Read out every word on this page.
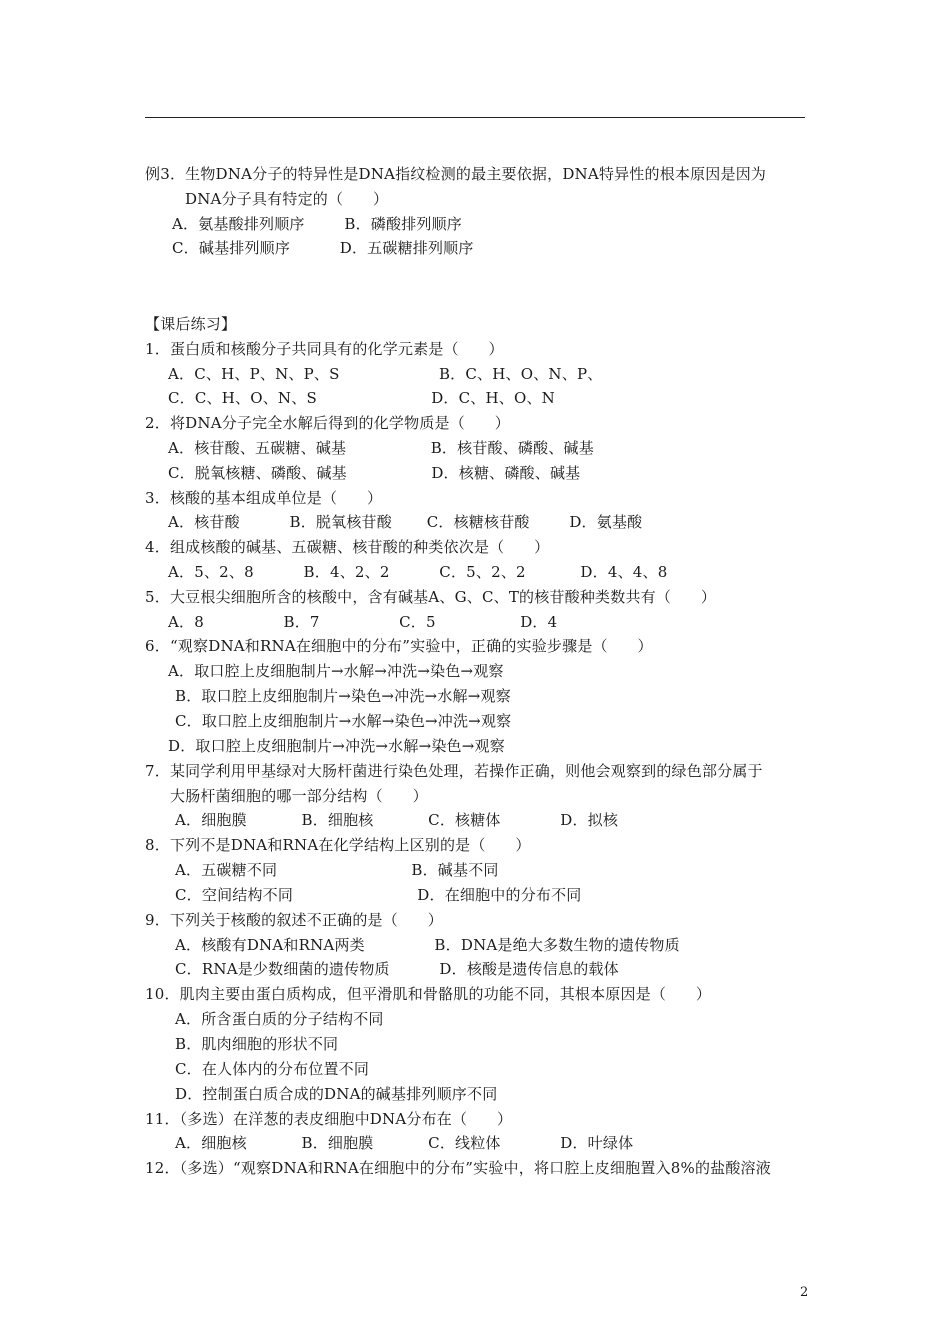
例3．生物DNA分子的特异性是DNA指纹检测的最主要依据，DNA特异性的根本原因是因为
DNA分子具有特定的（      ）
A．氨基酸排列顺序        B．磷酸排列顺序
C．碱基排列顺序          D．五碳糖排列顺序
【课后练习】
1．蛋白质和核酸分子共同具有的化学元素是（      ）
A．C、H、P、N、P、S                    B．C、H、O、N、P、
C．C、H、O、N、S                       D．C、H、O、N
2．将DNA分子完全水解后得到的化学物质是（      ）
A．核苷酸、五碳糖、碱基                 B．核苷酸、磷酸、碱基
C．脱氧核糖、磷酸、碱基                 D．核糖、磷酸、碱基
3．核酸的基本组成单位是（      ）
A．核苷酸          B．脱氧核苷酸       C．核糖核苷酸        D．氨基酸
4．组成核酸的碱基、五碳糖、核苷酸的种类依次是（      ）
A．5、2、8          B．4、2、2          C．5、2、2           D．4、4、8
5．大豆根尖细胞所含的核酸中，含有碱基A、G、C、T的核苷酸种类数共有（      ）
A．8                B．7                C．5                 D．4
6．“观察DNA和RNA在细胞中的分布”实验中，正确的实验步骤是（      ）
A．取口腔上皮细胞制片→水解→冲洗→染色→观察
B．取口腔上皮细胞制片→染色→冲洗→水解→观察
C．取口腔上皮细胞制片→水解→染色→冲洗→观察
D．取口腔上皮细胞制片→冲洗→水解→染色→观察
7．某同学利用甲基绿对大肠杆菌进行染色处理，若操作正确，则他会观察到的绿色部分属于
大肠杆菌细胞的哪一部分结构（      ）
A．细胞膜           B．细胞核           C．核糖体            D．拟核
8．下列不是DNA和RNA在化学结构上区别的是（      ）
A．五碳糖不同                           B．碱基不同
C．空间结构不同                         D．在细胞中的分布不同
9．下列关于核酸的叙述不正确的是（      ）
A．核酸有DNA和RNA两类              B．DNA是绝大多数生物的遗传物质
C．RNA是少数细菌的遗传物质          D．核酸是遗传信息的载体
10．肌肉主要由蛋白质构成，但平滑肌和骨骼肌的功能不同，其根本原因是（      ）
A．所含蛋白质的分子结构不同
B．肌肉细胞的形状不同
C．在人体内的分布位置不同
D．控制蛋白质合成的DNA的碱基排列顺序不同
11．（多选）在洋葱的表皮细胞中DNA分布在（      ）
A．细胞核           B．细胞膜           C．线粒体            D．叶绿体
12．（多选）“观察DNA和RNA在细胞中的分布”实验中，将口腔上皮细胞置入8%的盐酸溶液
2
